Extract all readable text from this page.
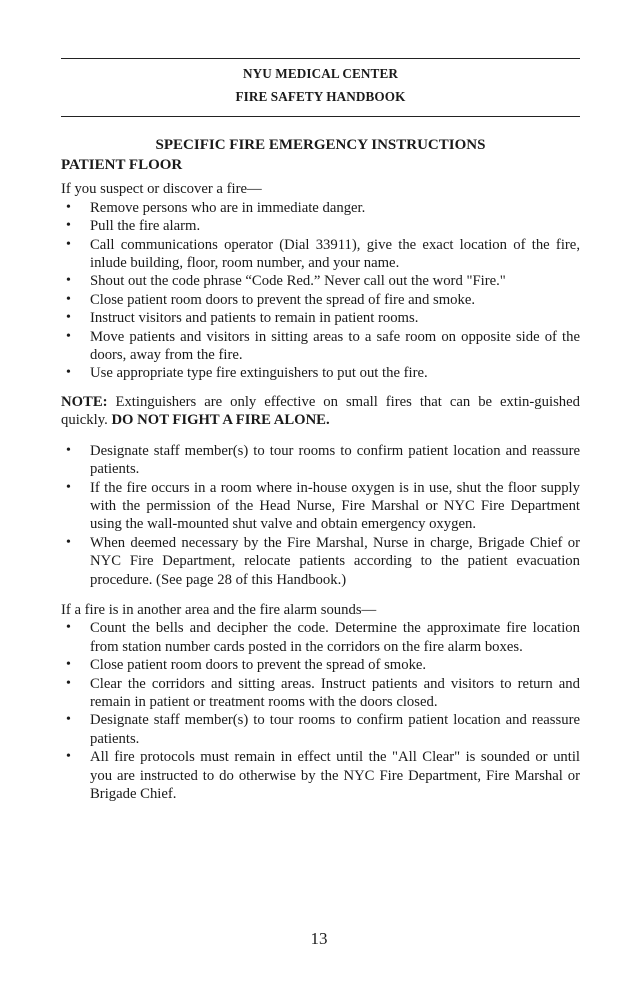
NYU MEDICAL CENTER
FIRE SAFETY HANDBOOK
SPECIFIC FIRE EMERGENCY INSTRUCTIONS
PATIENT FLOOR

If you suspect or discover a fire—

• Remove persons who are in immediate danger.
• Pull the fire alarm.
• Call communications operator (Dial 33911), give the exact location of the fire, inlude building, floor, room number, and your name.
• Shout out the code phrase “Code Red.” Never call out the word "Fire."
• Close patient room doors to prevent the spread of fire and smoke.
• Instruct visitors and patients to remain in patient rooms.
• Move patients and visitors in sitting areas to a safe room on opposite side of the doors, away from the fire.
• Use appropriate type fire extinguishers to put out the fire.

NOTE: Extinguishers are only effective on small fires that can be extin-guished quickly. DO NOT FIGHT A FIRE ALONE.

• Designate staff member(s) to tour rooms to confirm patient location and reassure patients.
• If the fire occurs in a room where in-house oxygen is in use, shut the floor supply with the permission of the Head Nurse, Fire Marshal or NYC Fire Department using the wall-mounted shut valve and obtain emergency oxygen.
• When deemed necessary by the Fire Marshal, Nurse in charge, Brigade Chief or NYC Fire Department, relocate patients according to the patient evacuation procedure. (See page 28 of this Handbook.)

If a fire is in another area and the fire alarm sounds—

• Count the bells and decipher the code. Determine the approximate fire location from station number cards posted in the corridors on the fire alarm boxes.
• Close patient room doors to prevent the spread of smoke.
• Clear the corridors and sitting areas. Instruct patients and visitors to return and remain in patient or treatment rooms with the doors closed.
• Designate staff member(s) to tour rooms to confirm patient location and reassure patients.
• All fire protocols must remain in effect until the "All Clear" is sounded or until you are instructed to do otherwise by the NYC Fire Department, Fire Marshal or Brigade Chief.
13
